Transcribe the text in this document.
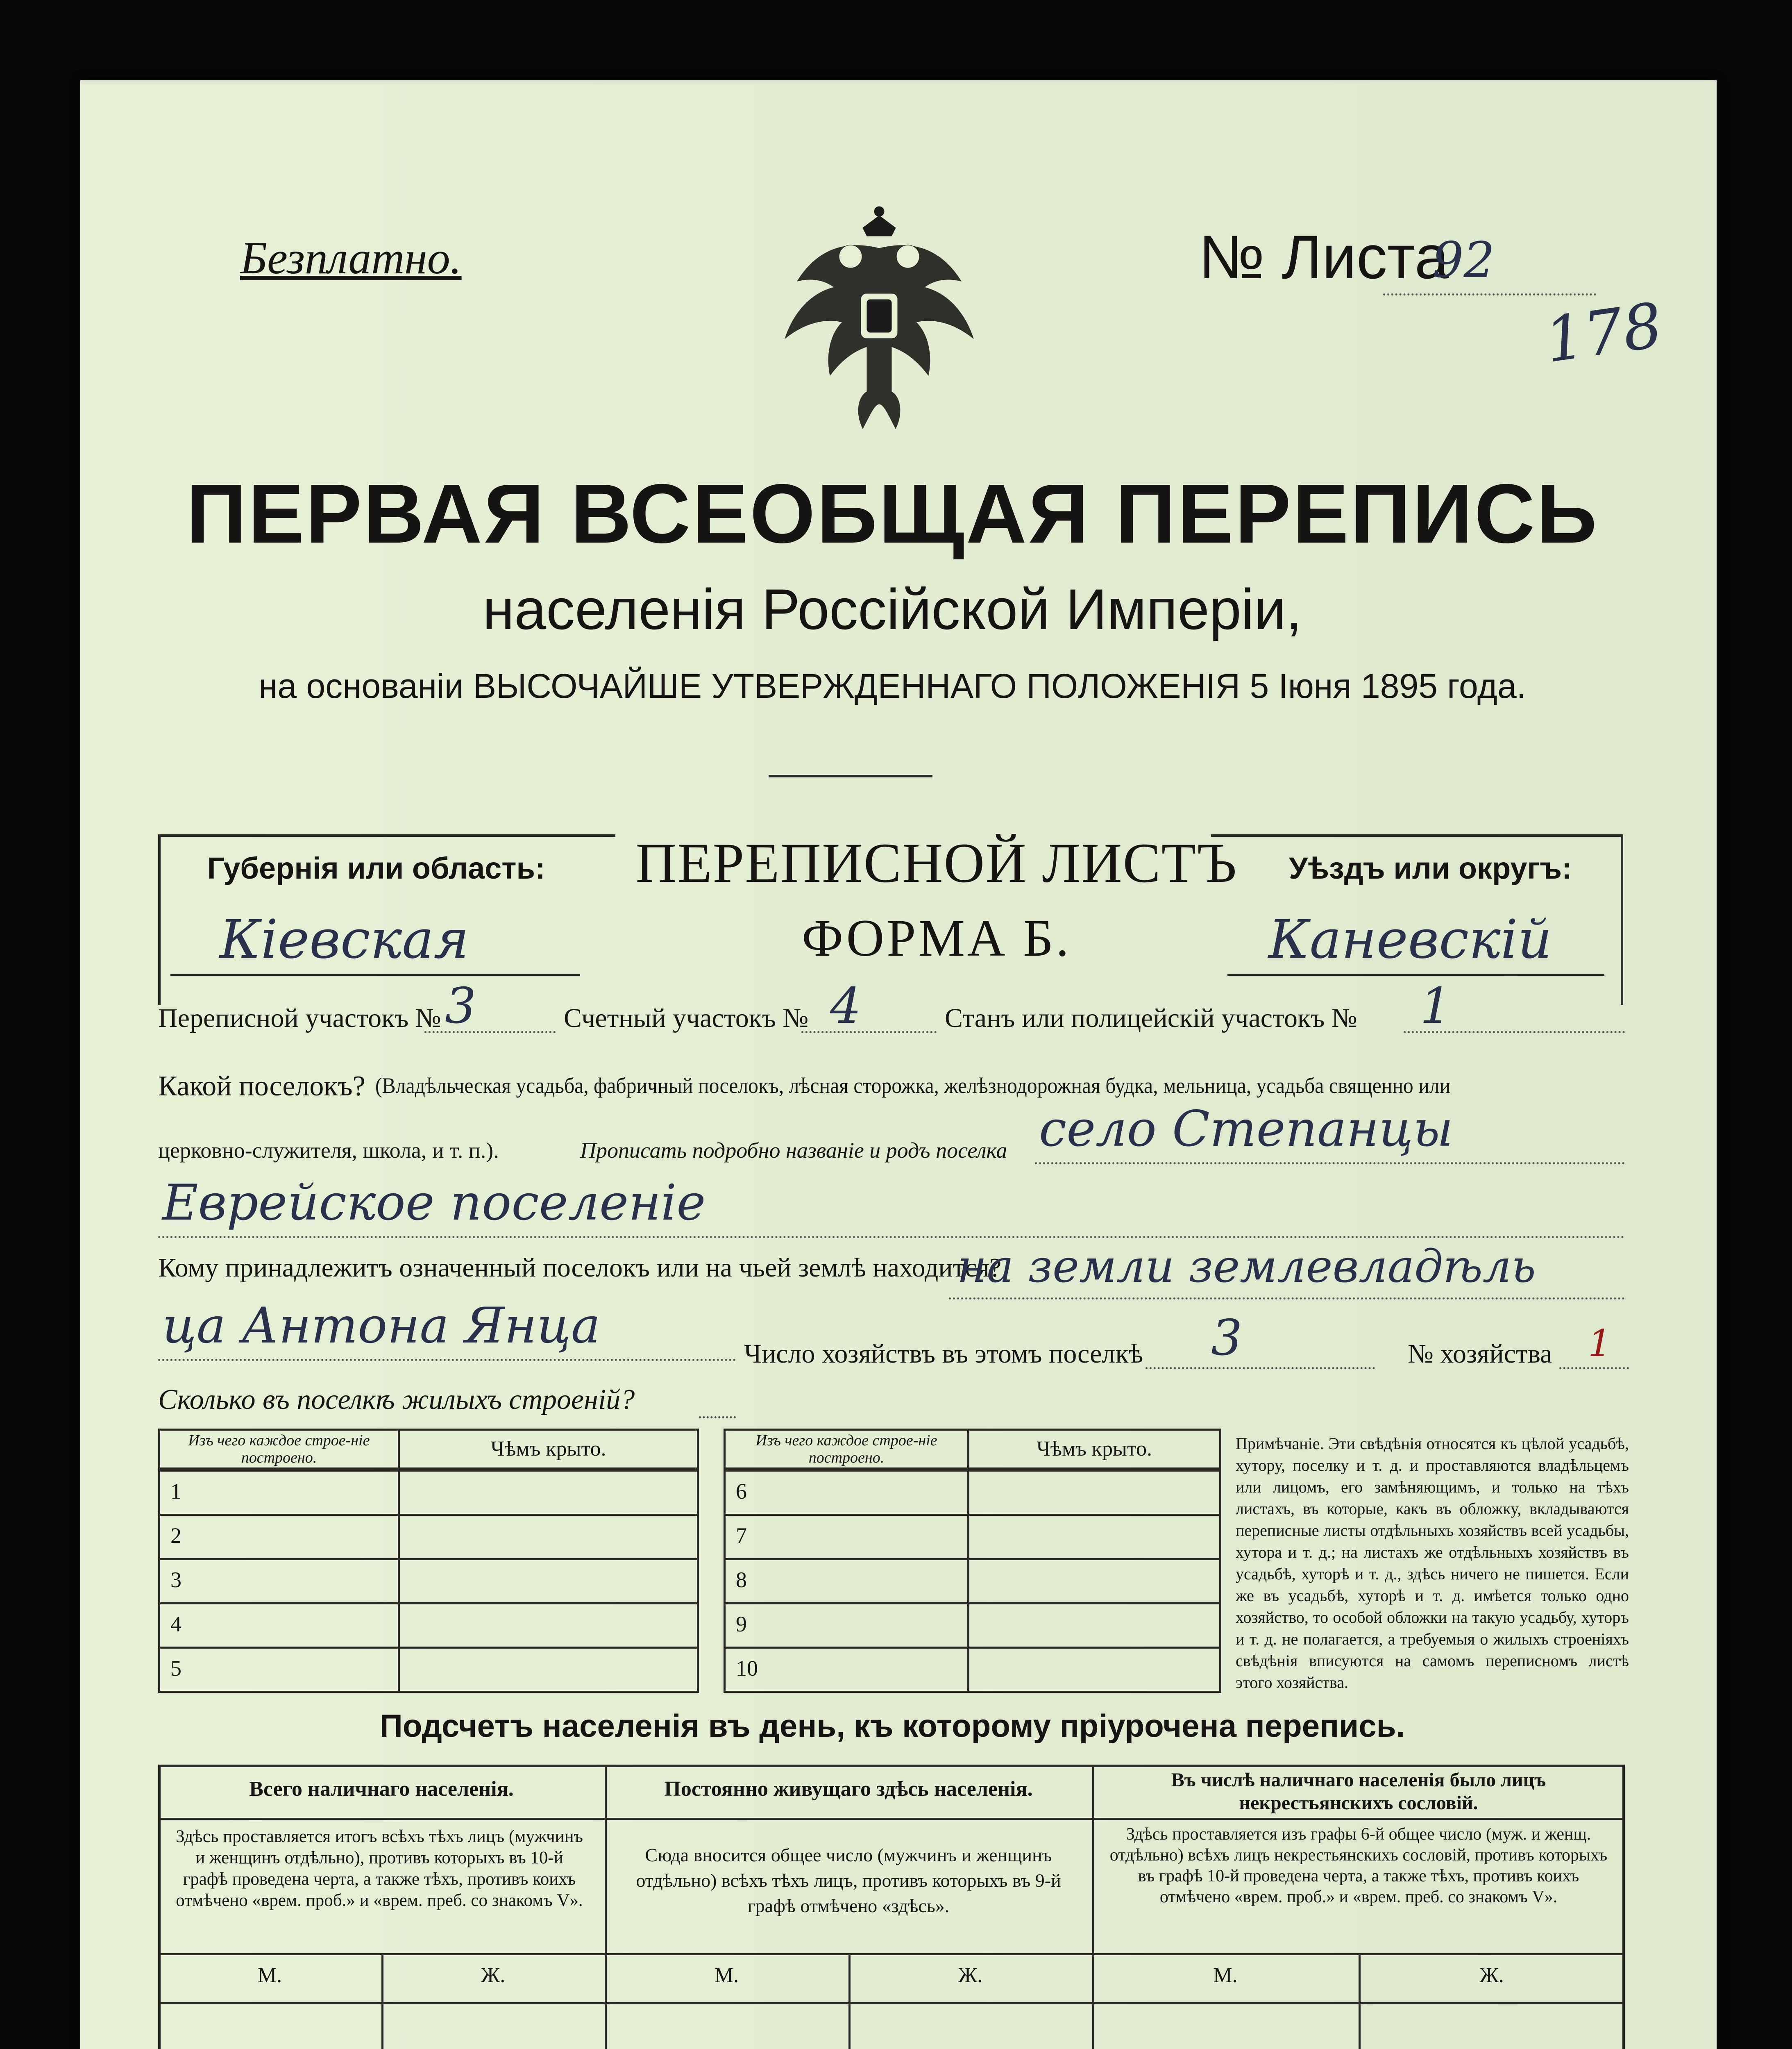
Безплатно.	№ Листа
92
178
ПЕРВАЯ ВСЕОБЩАЯ ПЕРЕПИСЬ
населенія Россійской Имперіи,
на основаніи ВЫСОЧАЙШЕ УТВЕРЖДЕННАГО ПОЛОЖЕНІЯ 5 Іюня 1895 года.
Губернія или область:
Кіевская
ПЕРЕПИСНОЙ ЛИСТЪ
ФОРМА Б.
Уѣздъ или округъ:
Каневскій
Переписной участокъ № 3	Счетный участокъ № 4	Станъ или полицейскій участокъ № 1
Какой поселокъ? (Владѣльческая усадьба, фабричный поселокъ, лѣсная сторожка, желѣзнодорожная будка, мельница, усадьба священно или
церковно-служителя, школа, и т. п.).	Прописать подробно названіе и родъ поселка село Степанцы
Еврейское поселеніе
Кому принадлежитъ означенный поселокъ или на чьей землѣ находится?
на земли землевладѣль
ца Антона Янца	Число хозяйствъ въ этомъ поселкѣ 3	№ хозяйства 1
Сколько въ поселкѣ жилыхъ строеній?
Изъ чего каждое строе-ніе построено.	Чѣмъ крыто.
1
2
3
4
5
Изъ чего каждое строе-ніе построено.	Чѣмъ крыто.
6
7
8
9
10
Примѣчаніе. Эти свѣдѣнія относятся къ цѣлой усадьбѣ, хутору, поселку и т. д. и проставляются владѣльцемъ или лицомъ, его замѣняющимъ, и только на тѣхъ листахъ, въ которые, какъ въ обложку, вкладываются переписные листы отдѣльныхъ хозяйствъ всей усадьбы, хутора и т. д.; на листахъ же отдѣльныхъ хозяйствъ въ усадьбѣ, хуторѣ и т. д., здѣсь ничего не пишется. Если же въ усадьбѣ, хуторѣ и т. д. имѣется только одно хозяйство, то особой обложки на такую усадьбу, хуторъ и т. д. не полагается, а требуемыя о жилыхъ строеніяхъ свѣдѣнія вписуются на самомъ переписномъ листѣ этого хозяйства.
Подсчетъ населенія въ день, къ которому пріурочена перепись.
Всего наличнаго населенія.	Постоянно живущаго здѣсь населенія.	Въ числѣ наличнаго населенія было лицъ некрестьянскихъ сословій.
Здѣсь проставляется итогъ всѣхъ тѣхъ лицъ (мужчинъ и женщинъ отдѣльно), противъ которыхъ въ 10-й графѣ проведена черта, а также тѣхъ, противъ коихъ отмѣчено «врем. проб.» и «врем. преб. со знакомъ V».
Сюда вносится общее число (мужчинъ и женщинъ отдѣльно) всѣхъ тѣхъ лицъ, противъ которыхъ въ 9-й графѣ отмѣчено «здѣсь».
Здѣсь проставляется изъ графы 6-й общее число (муж. и женщ. отдѣльно) всѣхъ лицъ некрестьянскихъ сословій, противъ которыхъ въ графѣ 10-й проведена черта, а также тѣхъ, противъ коихъ отмѣчено «врем. проб.» и «врем. преб. со знакомъ V».
М.	Ж.	М.	Ж.	М.	Ж.
